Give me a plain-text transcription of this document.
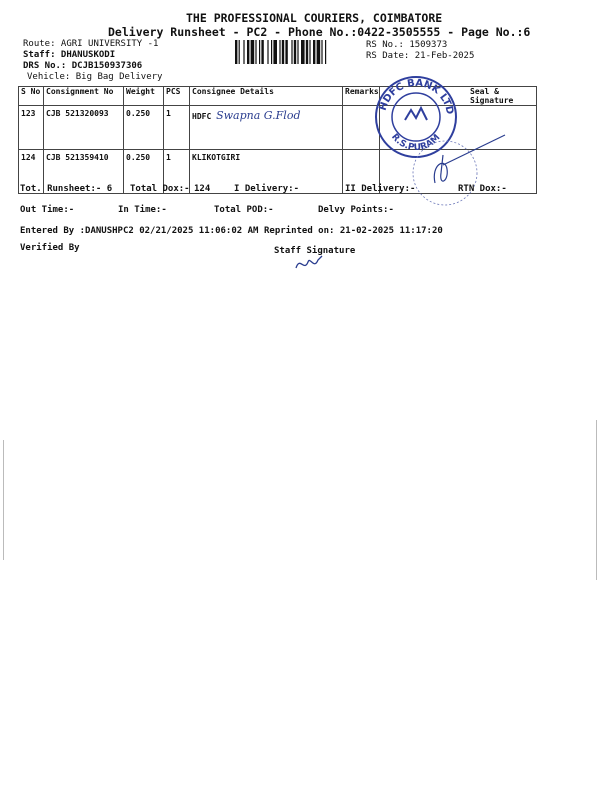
THE PROFESSIONAL COURIERS, COIMBATORE
Delivery Runsheet - PC2 - Phone No.:0422-3505555 - Page No.:6
Route: AGRI UNIVERSITY -1
Staff: DHANUSKODI
DRS No.: DCJB150937306
Vehicle: Big Bag Delivery
RS No.: 1509373
RS Date: 21-Feb-2025
S No	Consignment No	Weight	PCS	Consignee Details	Remarks	Seal & Signature
123	CJB 521320093	0.250	1	HDFC Swapna G.Flod		
124	CJB 521359410	0.250	1	KLIKOTGIRI		
HDFC BANK LTD
R.S.PURAM
Tot. Runsheet:- 6 Total Dox:- 124	I Delivery:-	II Delivery:-	RTN Dox:-
Out Time:-	In Time:-	Total POD:-	Delvy Points:-
Entered By :DANUSHPC2 02/21/2025 11:06:02 AM Reprinted on: 21-02-2025 11:17:20
Verified By	Staff Signature
